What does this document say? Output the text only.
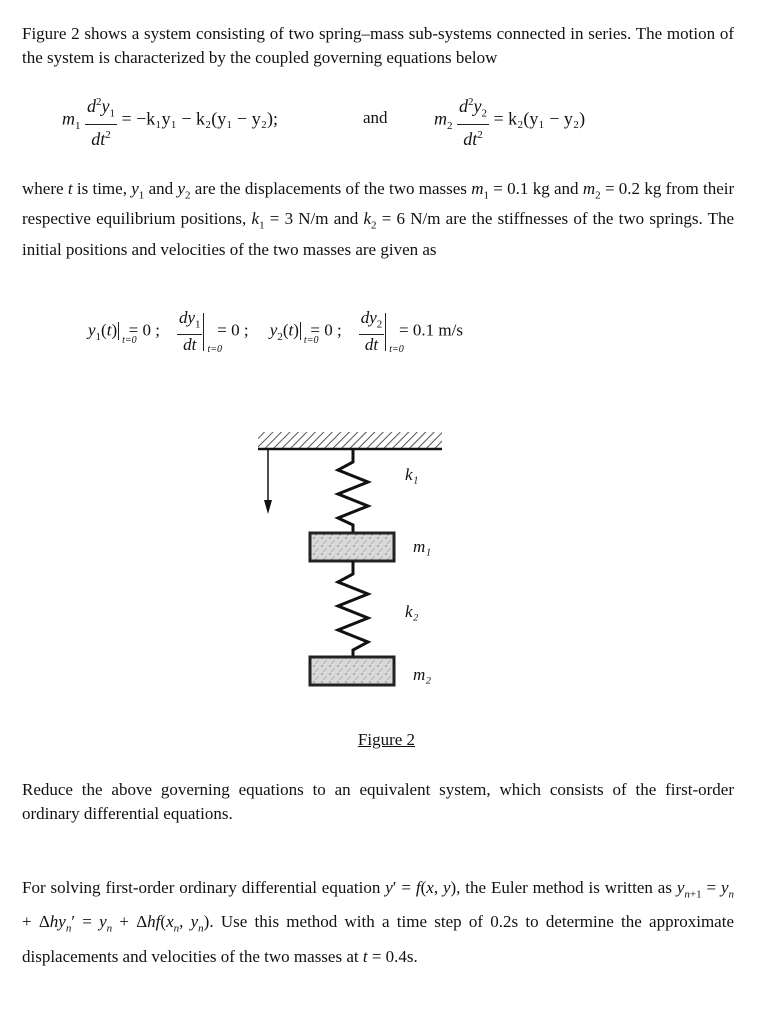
Figure 2 shows a system consisting of two spring–mass sub-systems connected in series. The motion of the system is characterized by the coupled governing equations below

$m_1 \frac{d^2y_1}{dt^2} = -k_1y_1 - k_2(y_1 - y_2)$;	and	$m_2 \frac{d^2y_2}{dt^2} = k_2(y_1 - y_2)$

where t is time, $y_1$ and $y_2$ are the displacements of the two masses $m_1 = 0.1$ kg and $m_2 = 0.2$ kg from their respective equilibrium positions, $k_1 = 3$ N/m and $k_2 = 6$ N/m are the stiffnesses of the two springs. The initial positions and velocities of the two masses are given as

$y_1(t)$
t=0
= 0 ; $\frac{dy_1}{dt} t=0$
= 0 ; $y_2(t)$
t=0
= 0 ; $\frac{dy_2}{dt} t=0$
= 0.1 m/s
k₁
m₁
k₂
m₂
Figure 2

Reduce the above governing equations to an equivalent system, which consists of the first-order ordinary differential equations.

For solving first-order ordinary differential equation y′ = f(x, y), the Euler method is written as $y_{n+1} = y_n + \Delta hy_n' = y_n + \Delta hf(x_n$, $y_n$). Use this method with a time step of 0.2s to determine the approximate displacements and velocities of the two masses at t = 0.4s.
